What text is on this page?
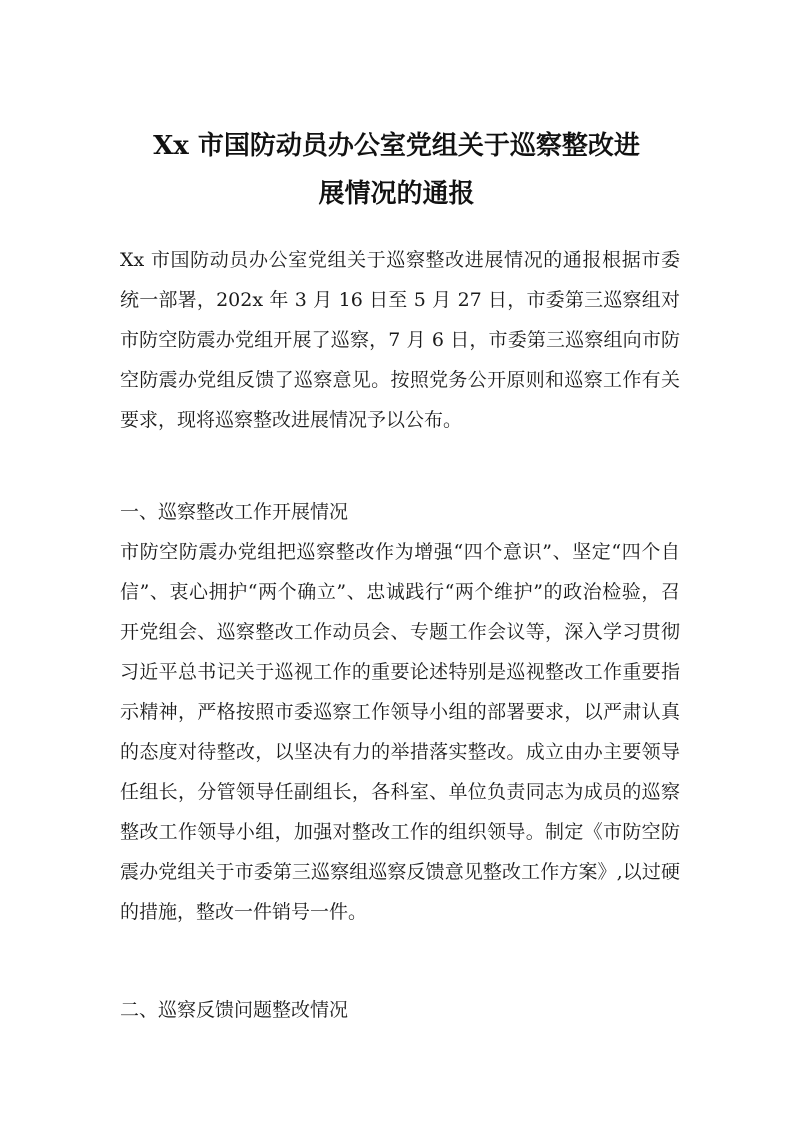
Xx 市国防动员办公室党组关于巡察整改进
展情况的通报

Xx 市国防动员办公室党组关于巡察整改进展情况的通报根据市委统一部署，202x 年 3 月 16 日至 5 月 27 日，市委第三巡察组对市防空防震办党组开展了巡察，7 月 6 日，市委第三巡察组向市防空防震办党组反馈了巡察意见。按照党务公开原则和巡察工作有关要求，现将巡察整改进展情况予以公布。

一、巡察整改工作开展情况

市防空防震办党组把巡察整改作为增强“四个意识”、坚定“四个自信”、衷心拥护“两个确立”、忠诚践行“两个维护”的政治检验，召开党组会、巡察整改工作动员会、专题工作会议等，深入学习贯彻习近平总书记关于巡视工作的重要论述特别是巡视整改工作重要指示精神，严格按照市委巡察工作领导小组的部署要求，以严肃认真的态度对待整改，以坚决有力的举措落实整改。成立由办主要领导任组长，分管领导任副组长，各科室、单位负责同志为成员的巡察整改工作领导小组，加强对整改工作的组织领导。制定《市防空防震办党组关于市委第三巡察组巡察反馈意见整改工作方案》,以过硬的措施，整改一件销号一件。

二、巡察反馈问题整改情况
